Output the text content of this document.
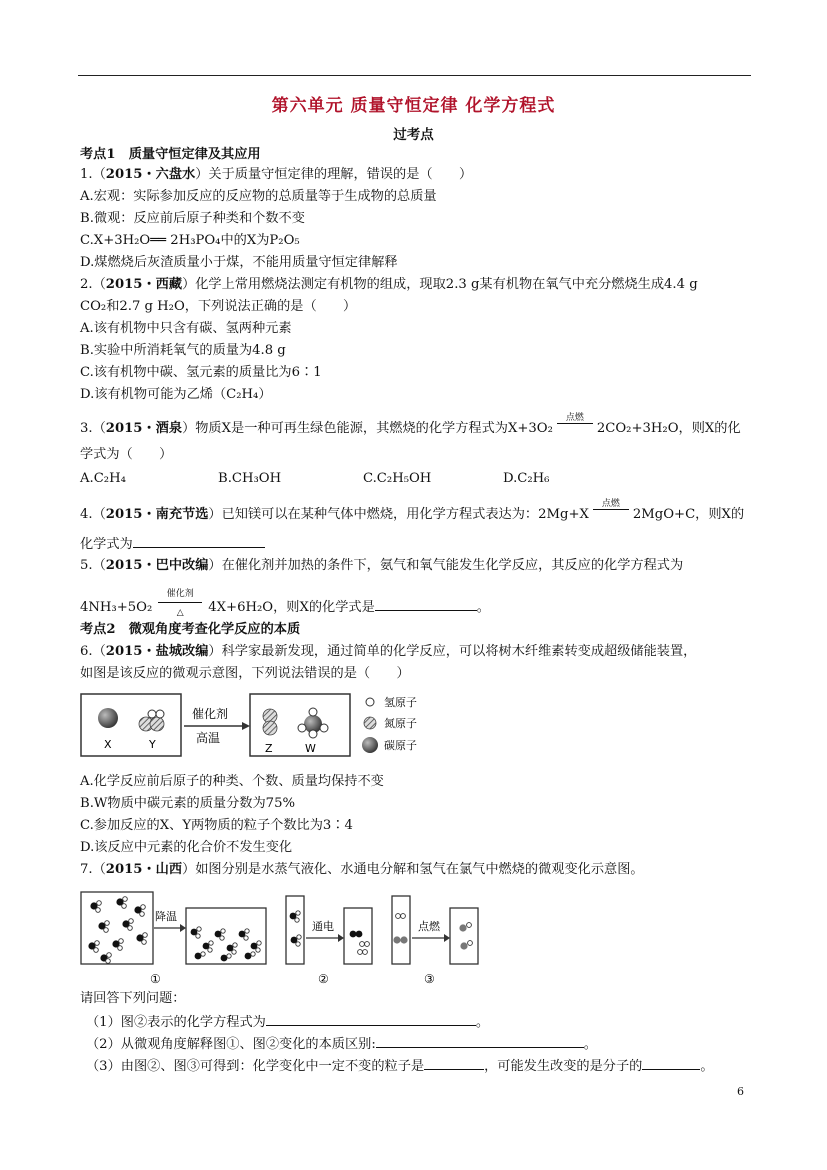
第六单元 质量守恒定律 化学方程式
过考点
考点1　质量守恒定律及其应用
1.（2015・六盘水）关于质量守恒定律的理解，错误的是（　　）
A.宏观：实际参加反应的反应物的总质量等于生成物的总质量
B.微观：反应前后原子种类和个数不变
C.X+3H₂O══ 2H₃PO₄中的X为P₂O₅
D.煤燃烧后灰渣质量小于煤，不能用质量守恒定律解释
2.（2015・西藏）化学上常用燃烧法测定有机物的组成，现取2.3 g某有机物在氧气中充分燃烧生成4.4 g
CO₂和2.7 g H₂O，下列说法正确的是（　　）
A.该有机物中只含有碳、氢两种元素
B.实验中所消耗氧气的质量为4.8 g
C.该有机物中碳、氢元素的质量比为6∶1
D.该有机物可能为乙烯（C₂H₄）
3.（2015・酒泉）物质X是一种可再生绿色能源，其燃烧的化学方程式为X+3O₂
点燃
2CO₂+3H₂O，则X的化
学式为（　　）
A.C₂H₄	B.CH₃OH	C.C₂H₅OH	D.C₂H₆
4.（2015・南充节选）已知镁可以在某种气体中燃烧，用化学方程式表达为：2Mg+X
点燃
2MgO+C，则X的
化学式为
5.（2015・巴中改编）在催化剂并加热的条件下，氨气和氧气能发生化学反应，其反应的化学方程式为
4NH₃+5O₂
催化剂
△	4X+6H₂O，则X的化学式是	。
考点2　微观角度考查化学反应的本质
6.（2015・盐城改编）科学家最新发现，通过简单的化学反应，可以将树木纤维素转变成超级储能装置，
如图是该反应的微观示意图，下列说法错误的是（　　）
X	Y
催化剂
高温
Z	W
氢原子
氮原子
碳原子
A.化学反应前后原子的种类、个数、质量均保持不变
B.W物质中碳元素的质量分数为75%
C.参加反应的X、Y两物质的粒子个数比为3∶4
D.该反应中元素的化合价不发生变化
7.（2015・山西）如图分别是水蒸气液化、水通电分解和氢气在氯气中燃烧的微观变化示意图。
降温
①
通电
②
点燃
③
请回答下列问题：
（1）图②表示的化学方程式为	。
（2）从微观角度解释图①、图②变化的本质区别:	。
（3）由图②、图③可得到：化学变化中一定不变的粒子是	，可能发生改变的是分子的	。
6
